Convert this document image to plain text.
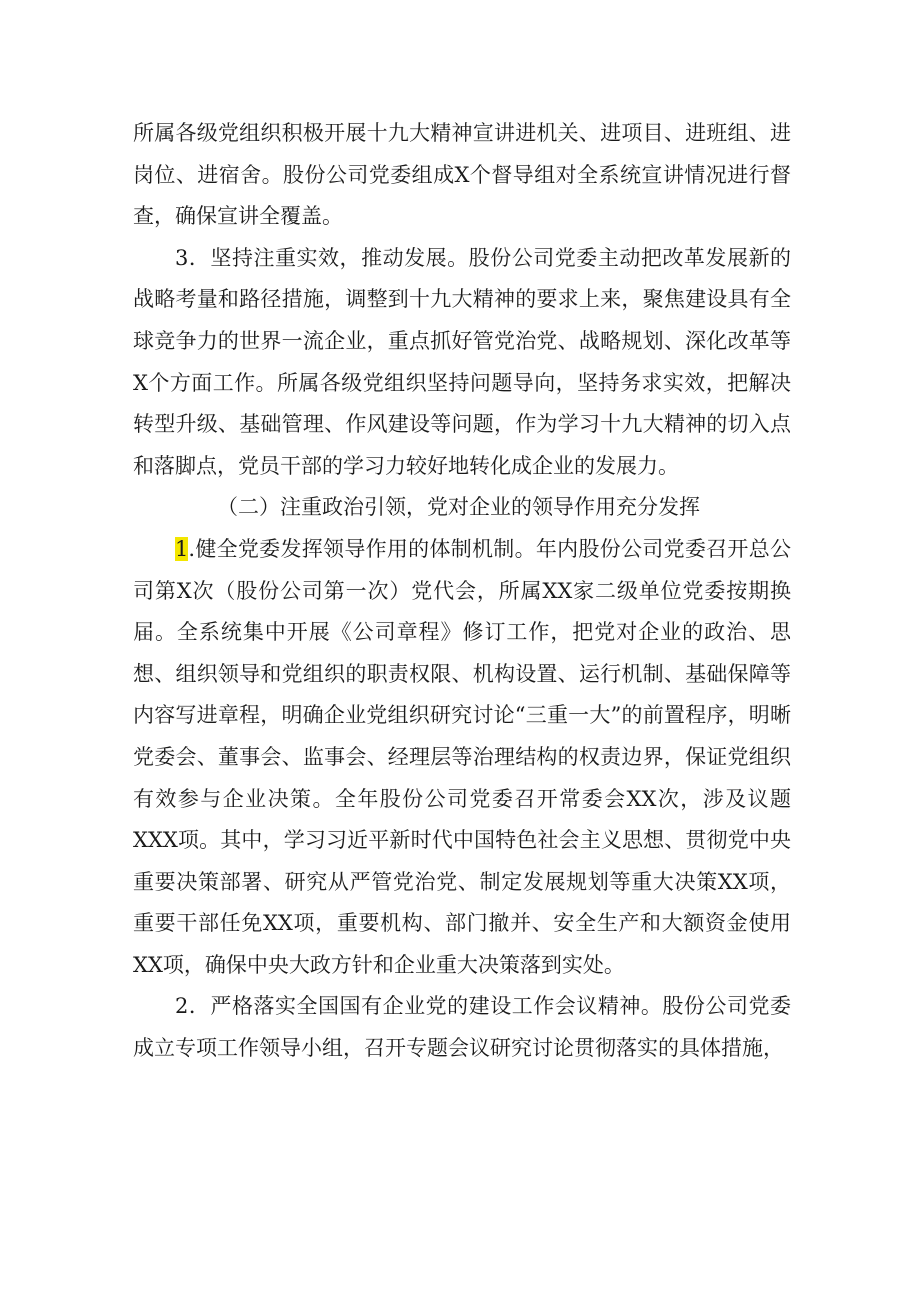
所属各级党组织积极开展十九大精神宣讲进机关、进项目、进班组、进岗位、进宿舍。股份公司党委组成X个督导组对全系统宣讲情况进行督查，确保宣讲全覆盖。

3．坚持注重实效，推动发展。股份公司党委主动把改革发展新的战略考量和路径措施，调整到十九大精神的要求上来，聚焦建设具有全球竞争力的世界一流企业，重点抓好管党治党、战略规划、深化改革等X个方面工作。所属各级党组织坚持问题导向，坚持务求实效，把解决转型升级、基础管理、作风建设等问题，作为学习十九大精神的切入点和落脚点，党员干部的学习力较好地转化成企业的发展力。

（二）注重政治引领，党对企业的领导作用充分发挥

1.健全党委发挥领导作用的体制机制。年内股份公司党委召开总公司第X次（股份公司第一次）党代会，所属XX家二级单位党委按期换届。全系统集中开展《公司章程》修订工作，把党对企业的政治、思想、组织领导和党组织的职责权限、机构设置、运行机制、基础保障等内容写进章程，明确企业党组织研究讨论“三重一大”的前置程序，明晰党委会、董事会、监事会、经理层等治理结构的权责边界，保证党组织有效参与企业决策。全年股份公司党委召开常委会XX次，涉及议题XXX项。其中，学习习近平新时代中国特色社会主义思想、贯彻党中央重要决策部署、研究从严管党治党、制定发展规划等重大决策XX项，重要干部任免XX项，重要机构、部门撤并、安全生产和大额资金使用XX项，确保中央大政方针和企业重大决策落到实处。

2．严格落实全国国有企业党的建设工作会议精神。股份公司党委成立专项工作领导小组，召开专题会议研究讨论贯彻落实的具体措施，
